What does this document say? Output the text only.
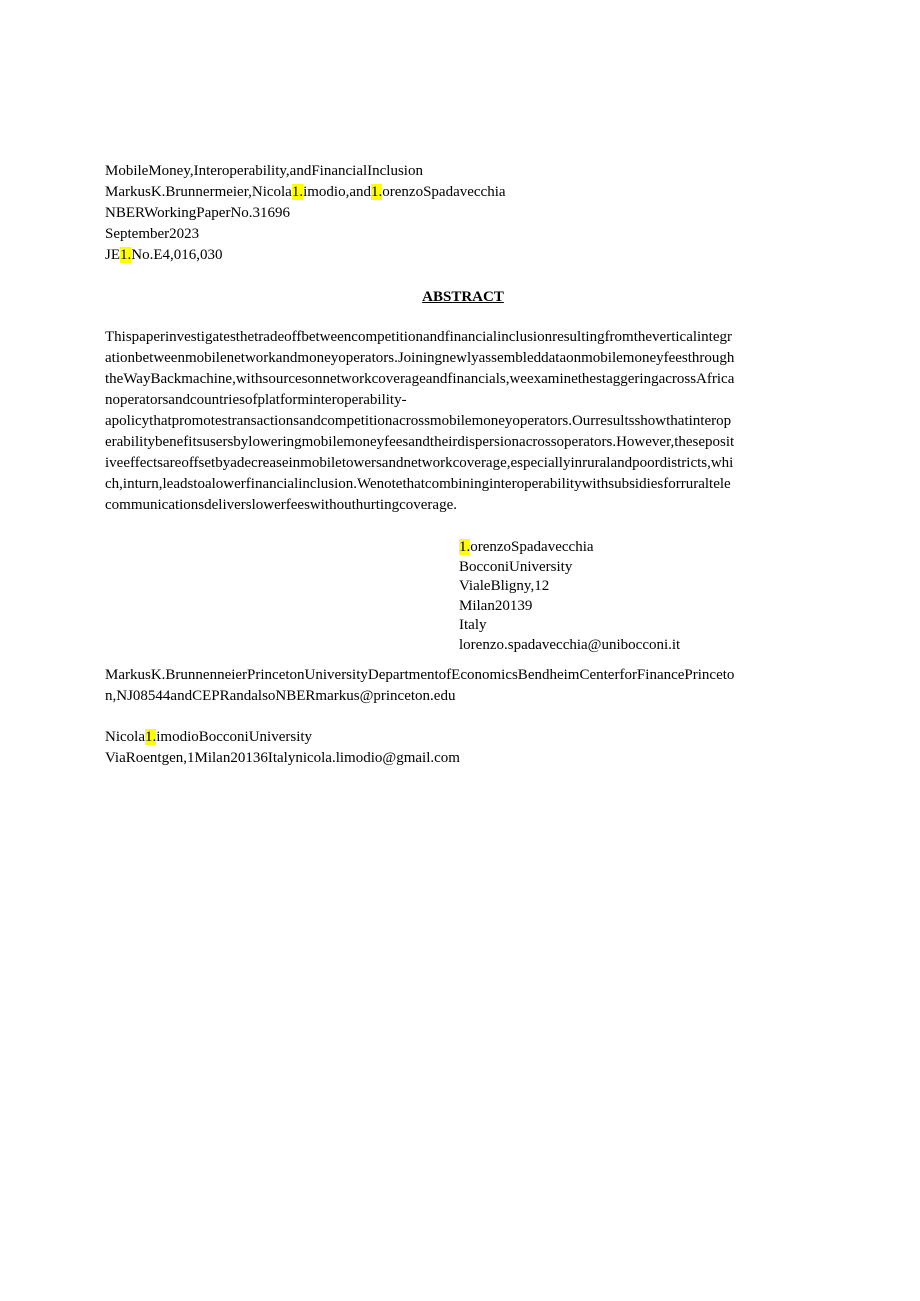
MobileMoney,Interoperability,andFinancialInclusion
MarkusK.Brunnermeier,Nicola1.imodio,and1.orenzoSpadavecchia
NBERWorkingPaperNo.31696
September2023
JE1.No.E4,016,030
ABSTRACT
Thispaperinvestigatesthetradeoffbetweencompetitionandfinancialinclusionresultingfromtheverticalintegr
ationbetweenmobilenetworkandmoneyoperators.Joiningnewlyassembleddataonmobilemoneyfeesthrough
theWayBackmachine,withsourcesonnetworkcoverageandfinancials,weexaminethestaggeringacrossAfrica
noperatorsandcountriesofplatforminteroperability-
apolicythatpromotestransactionsandcompetitionacrossmobilemoneyoperators.Ourresultsshowthatinterop
erabilitybenefitsusersbyloweringmobilemoneyfeesandtheirdispersionacrossoperators.However,theseposit
iveeffectsareoffsetbyadecreaseinmobiletowersandnetworkcoverage,especiallyinruralandpoordistricts,whi
ch,inturn,leadstoalowerfinancialinclusion.Wenotethatcombininginteroperabilitywithsubsidiesforruraltele
communicationsdeliverslowerfeeswithouthurtingcoverage.
1.orenzoSpadavecchia
BocconiUniversity
VialeBligny,12
Milan20139
Italy
lorenzo.spadavecchia@unibocconi.it
MarkusK.BrunnenneierPrincetonUniversityDepartmentofEconomicsBendheimCenterforFinancePrinceto
n,NJ08544andCEPRandalsoNBERmarkus@princeton.edu
Nicola1.imodioBocconiUniversity
ViaRoentgen,1Milan20136Italynicola.limodio@gmail.com
